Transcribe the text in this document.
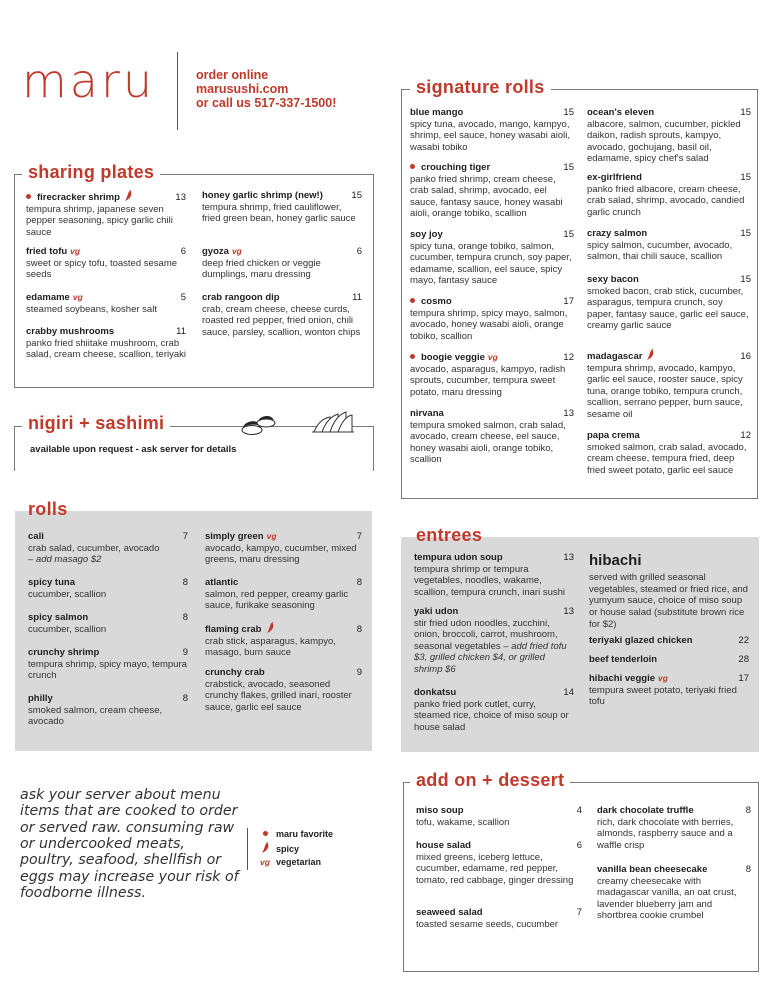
maru	order online
marusushi.com
or call us 517-337-1500!
sharing plates
firecracker shrimp	13
tempura shrimp, japanese seven pepper seasoning, spicy garlic chili sauce
fried tofu vg	6
sweet or spicy tofu, toasted sesame seeds
edamame vg	5
steamed soybeans, kosher salt
crabby mushrooms	11
panko fried shiitake mushroom, crab salad, cream cheese, scallion, teriyaki
honey garlic shrimp (new!)	15
tempura shrimp, fried cauliflower, fried green bean, honey garlic sauce
gyoza vg	6
deep fried chicken or veggie dumplings, maru dressing
crab rangoon dip	11
crab, cream cheese, cheese curds, roasted red pepper, fried onion, chili sauce, parsley, scallion, wonton chips
nigiri + sashimi
available upon request - ask server for details
rolls
cali	7
crab salad, cucumber, avocado
– add masago $2
spicy tuna	8
cucumber, scallion
spicy salmon	8
cucumber, scallion
crunchy shrimp	9
tempura shrimp, spicy mayo, tempura crunch
philly	8
smoked salmon, cream cheese, avocado
simply green vg	7
avocado, kampyo, cucumber, mixed greens, maru dressing
atlantic	8
salmon, red pepper, creamy garlic sauce, furikake seasoning
flaming crab	8
crab stick, asparagus, kampyo, masago, burn sauce
crunchy crab	9
crabstick, avocado, seasoned crunchy flakes, grilled inari, rooster sauce, garlic eel sauce
signature rolls
blue mango	15
spicy tuna, avocado, mango, kampyo, shrimp, eel sauce, honey wasabi aioli, wasabi tobiko
crouching tiger	15
panko fried shrimp, cream cheese, crab salad, shrimp, avocado, eel sauce, fantasy sauce, honey wasabi aioli, orange tobiko, scallion
soy joy	15
spicy tuna, orange tobiko, salmon, cucumber, tempura crunch, soy paper, edamame, scallion, eel sauce, spicy mayo, fantasy sauce
cosmo	17
tempura shrimp, spicy mayo, salmon, avocado, honey wasabi aioli, orange tobiko, scallion
boogie veggie vg	12
avocado, asparagus, kampyo, radish sprouts, cucumber, tempura sweet potato, maru dressing
nirvana	13
tempura smoked salmon, crab salad, avocado, cream cheese, eel sauce, honey wasabi aioli, orange tobiko, scallion
ocean's eleven	15
albacore, salmon, cucumber, pickled daikon, radish sprouts, kampyo, avocado, gochujang, basil oil, edamame, spicy chef's salad
ex-girlfriend	15
panko fried albacore, cream cheese, crab salad, shrimp, avocado, candied garlic crunch
crazy salmon	15
spicy salmon, cucumber, avocado, salmon, thai chili sauce, scallion
sexy bacon	15
smoked bacon, crab stick, cucumber, asparagus, tempura crunch, soy paper, fantasy sauce, garlic eel sauce, creamy garlic sauce
madagascar	16
tempura shrimp, avocado, kampyo, garlic eel sauce, rooster sauce, spicy tuna, orange tobiko, tempura crunch, scallion, serrano pepper, burn sauce, sesame oil
papa crema	12
smoked salmon, crab salad, avocado, cream cheese, tempura fried, deep fried sweet potato, garlic eel sauce
entrees
tempura udon soup	13
tempura shrimp or tempura vegetables, noodles, wakame, scallion, tempura crunch, inari sushi
yaki udon	13
stir fried udon noodles, zucchini, onion, broccoli, carrot, mushroom, seasonal vegetables – add fried tofu $3, grilled chicken $4, or grilled shrimp $6
donkatsu	14
panko fried pork cutlet, curry, steamed rice, choice of miso soup or house salad
hibachi
served with grilled seasonal vegetables, steamed or fried rice, and yumyum sauce, choice of miso soup or house salad (substitute brown rice for $2)
teriyaki glazed chicken	22
beef tenderloin	28
hibachi veggie vg	17
tempura sweet potato, teriyaki fried tofu
add on + dessert
miso soup	4
tofu, wakame, scallion
house salad	6
mixed greens, iceberg lettuce, cucumber, edamame, red pepper, tomato, red cabbage, ginger dressing
seaweed salad	7
toasted sesame seeds, cucumber
dark chocolate truffle	8
rich, dark chocolate with berries, almonds, raspberry sauce and a waffle crisp
vanilla bean cheesecake	8
creamy cheesecake with madagascar vanilla, an oat crust, lavender blueberry jam and shortbrea cookie crumbel
ask your server about menu items that are cooked to order or served raw. consuming raw or undercooked meats, poultry, seafood, shellfish or eggs may increase your risk of foodborne illness.
maru favorite
spicy
vg vegetarian
